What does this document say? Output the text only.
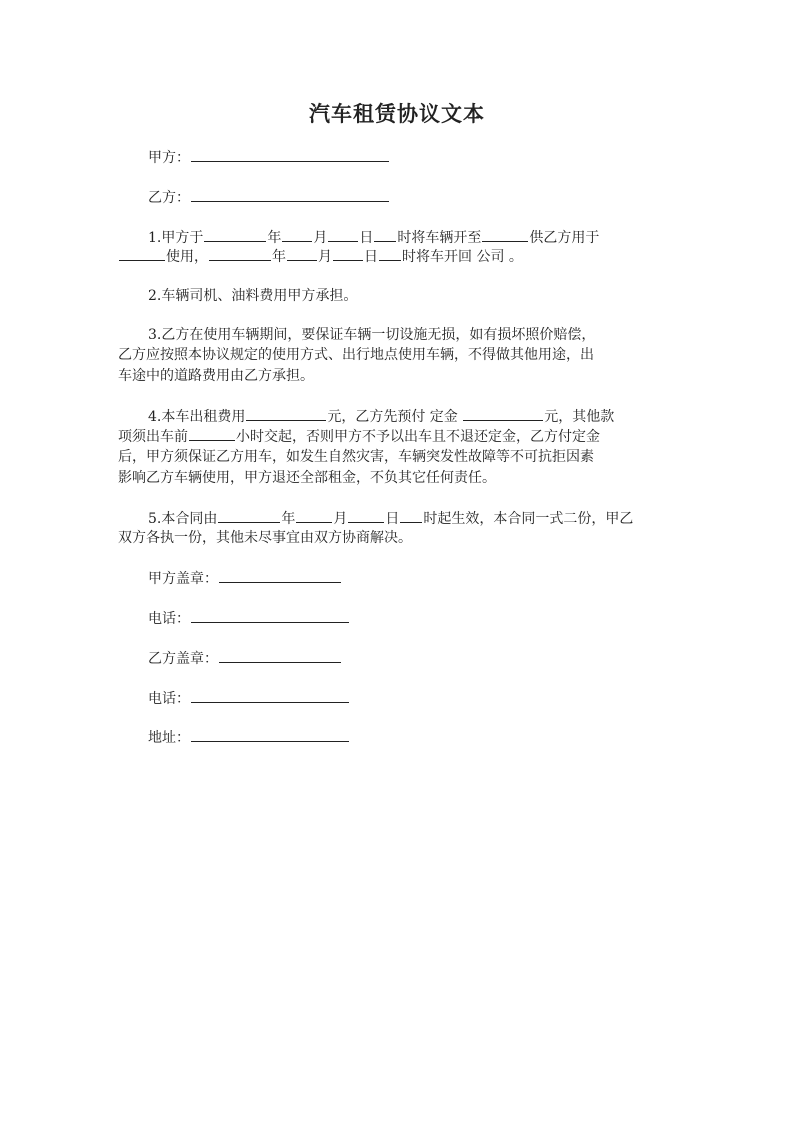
汽车租赁协议文本
甲方：
乙方：
1.甲方于	年 月 日 时将车辆开至	供乙方用于
使用，	年 月 日 时将车开回 公司 。
2.车辆司机、油料费用甲方承担。
3.乙方在使用车辆期间，要保证车辆一切设施无损，如有损坏照价赔偿，
乙方应按照本协议规定的使用方式、出行地点使用车辆，不得做其他用途，出
车途中的道路费用由乙方承担。
4.本车出租费用	元，乙方先预付 定金	元，其他款
项须出车前	小时交起，否则甲方不予以出车且不退还定金，乙方付定金
后，甲方须保证乙方用车，如发生自然灾害，车辆突发性故障等不可抗拒因素
影响乙方车辆使用，甲方退还全部租金，不负其它任何责任。
5.本合同由	年	月	日 时起生效，本合同一式二份，甲乙
双方各执一份，其他未尽事宜由双方协商解决。
甲方盖章：
电话：
乙方盖章：
电话：
地址：
